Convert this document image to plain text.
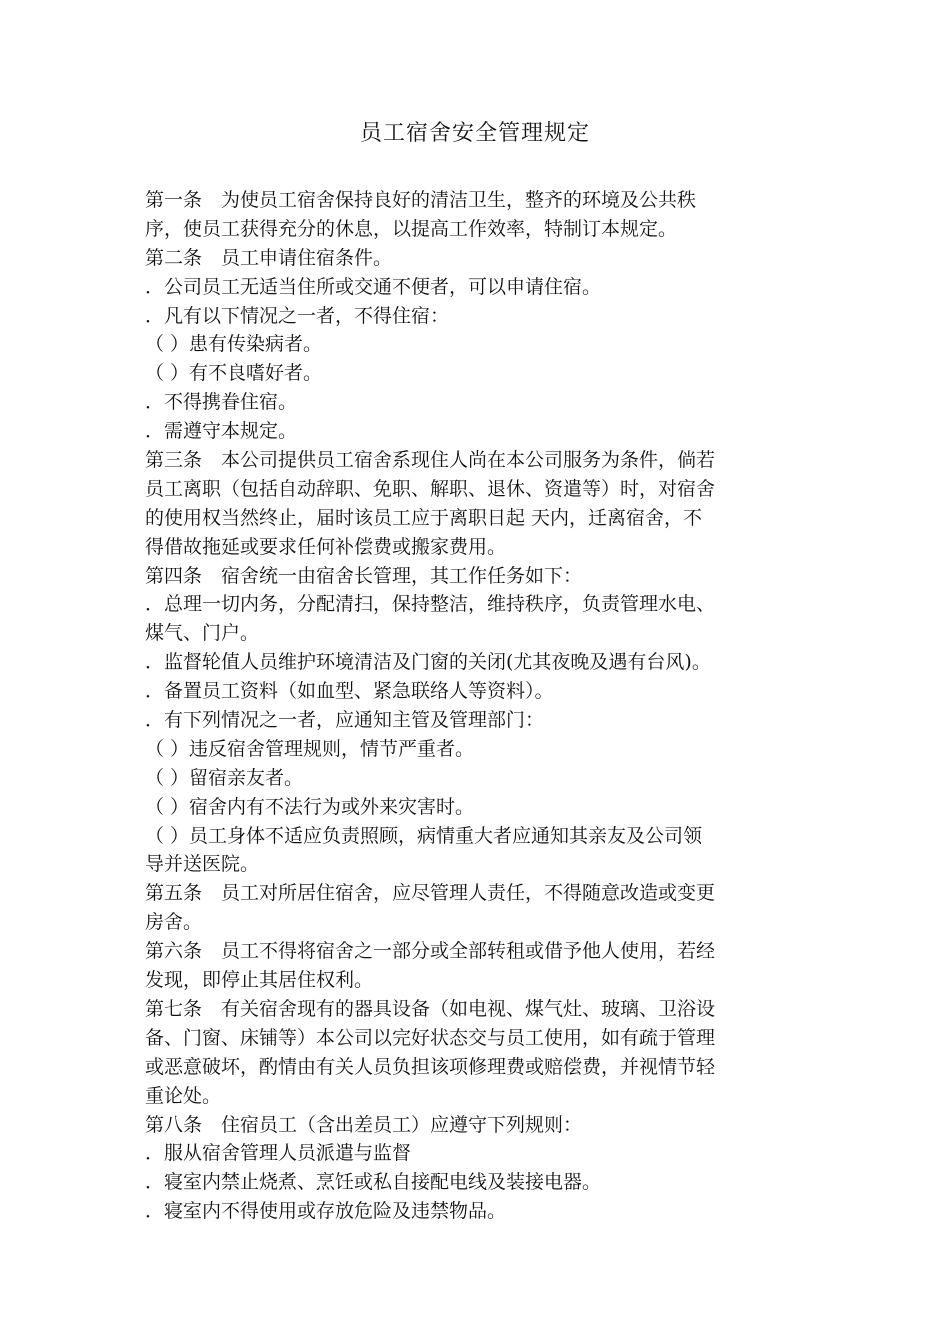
员工宿舍安全管理规定
第一条　为使员工宿舍保持良好的清洁卫生，整齐的环境及公共秩
序，使员工获得充分的休息，以提高工作效率，特制订本规定。
第二条　员工申请住宿条件。
．公司员工无适当住所或交通不便者，可以申请住宿。
．凡有以下情况之一者，不得住宿：
（ ）患有传染病者。
（ ）有不良嗜好者。
．不得携眷住宿。
．需遵守本规定。
第三条　本公司提供员工宿舍系现住人尚在本公司服务为条件，倘若
员工离职（包括自动辞职、免职、解职、退休、资遣等）时，对宿舍
的使用权当然终止，届时该员工应于离职日起 天内，迁离宿舍，不
得借故拖延或要求任何补偿费或搬家费用。
第四条　宿舍统一由宿舍长管理，其工作任务如下：
．总理一切内务，分配清扫，保持整洁，维持秩序，负责管理水电、
煤气、门户。
．监督轮值人员维护环境清洁及门窗的关闭(尤其夜晚及遇有台风)。
．备置员工资料（如血型、紧急联络人等资料）。
．有下列情况之一者，应通知主管及管理部门：
（ ）违反宿舍管理规则，情节严重者。
（ ）留宿亲友者。
（ ）宿舍内有不法行为或外来灾害时。
（ ）员工身体不适应负责照顾，病情重大者应通知其亲友及公司领
导并送医院。
第五条　员工对所居住宿舍，应尽管理人责任，不得随意改造或变更
房舍。
第六条　员工不得将宿舍之一部分或全部转租或借予他人使用，若经
发现，即停止其居住权利。
第七条　有关宿舍现有的器具设备（如电视、煤气灶、玻璃、卫浴设
备、门窗、床铺等）本公司以完好状态交与员工使用，如有疏于管理
或恶意破坏，酌情由有关人员负担该项修理费或赔偿费，并视情节轻
重论处。
第八条　住宿员工（含出差员工）应遵守下列规则：
．服从宿舍管理人员派遣与监督
．寝室内禁止烧煮、烹饪或私自接配电线及装接电器。
．寝室内不得使用或存放危险及违禁物品。
